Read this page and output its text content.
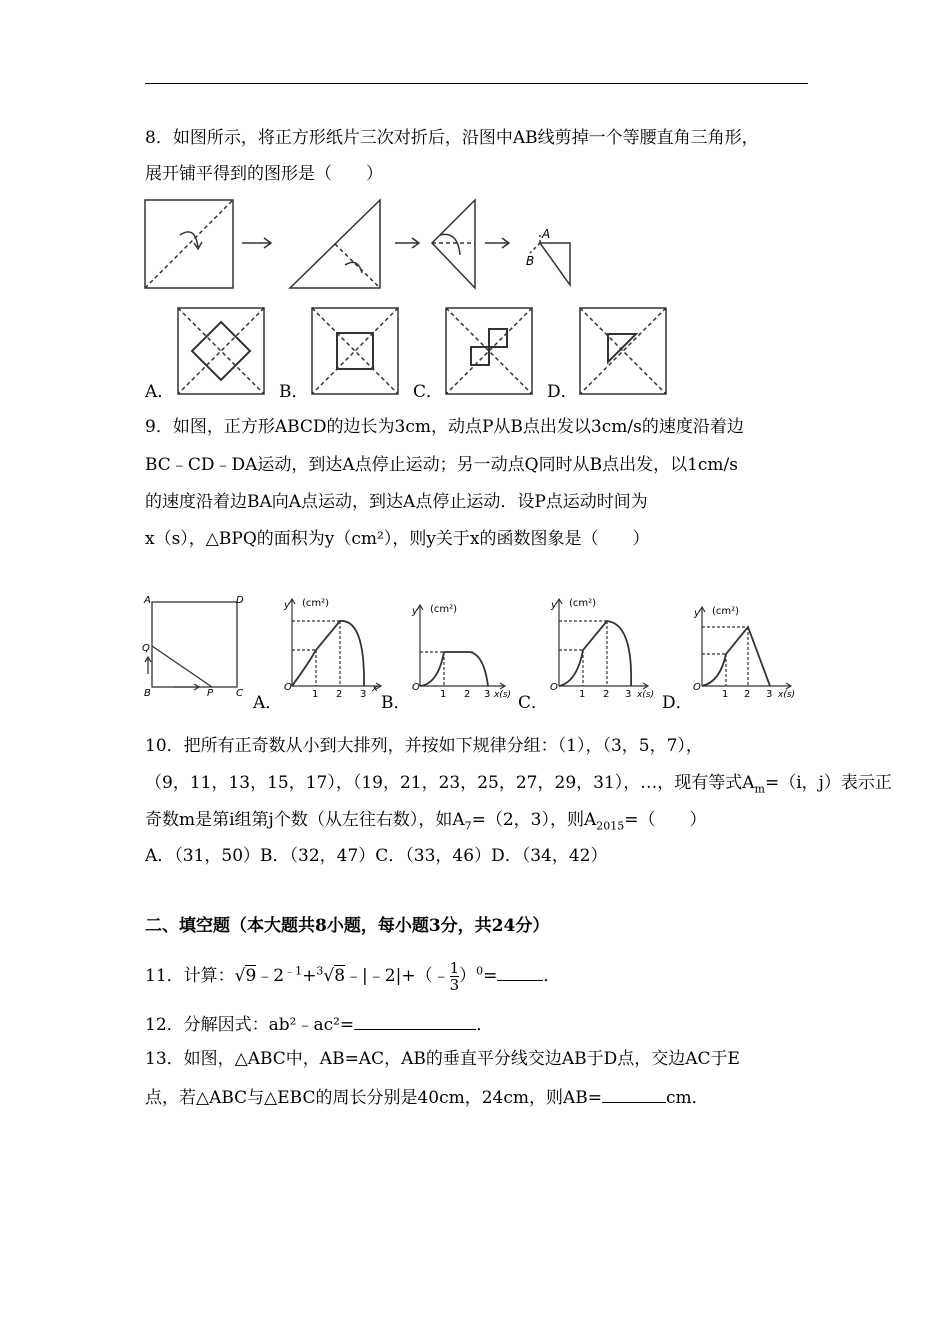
8．如图所示，将正方形纸片三次对折后，沿图中AB线剪掉一个等腰直角三角形，
展开铺平得到的图形是（　　）
A
B
A．	B．	C．	D．
9．如图，正方形ABCD的边长为3cm，动点P从B点出发以3cm/s的速度沿着边
BC﹣CD﹣DA运动，到达A点停止运动；另一动点Q同时从B点出发，以1cm/s
的速度沿着边BA向A点运动，到达A点停止运动．设P点运动时间为
x（s），△BPQ的面积为y（cm²），则y关于x的函数图象是（　　）
A	D
Q
B	P C A．
y (cm²)
O
1 2 3
x
B．
y (cm²)
O
1 2 3 x(s) C．
y (cm²)
O
1 2 3 x(s) D．
y (cm²)
O
1 2 3 x(s)
10．把所有正奇数从小到大排列，并按如下规律分组：（1），（3，5，7），
（9，11，13，15，17），（19，21，23，25，27，29，31），…，现有等式$A_m=(i$，j）表示正
奇数m是第i组第j个数（从左往右数），如$A_7=(2$，3），则$A_{2015}=$（　　）
A．（31，50）B．（32，47）C．（33，46）D．（34，42）
二、填空题（本大题共8小题，每小题3分，共24分）
11．计算：$√9﹣2^{﹣1}+^3√8﹣|﹣2|+(﹣ \frac{1}{3} )^0=$	．
12．分解因式：ab²﹣ac²=	．
13．如图，△ABC中，AB=AC，AB的垂直平分线交边AB于D点，交边AC于E
点，若△ABC与△EBC的周长分别是40cm，24cm，则AB=	cm．
